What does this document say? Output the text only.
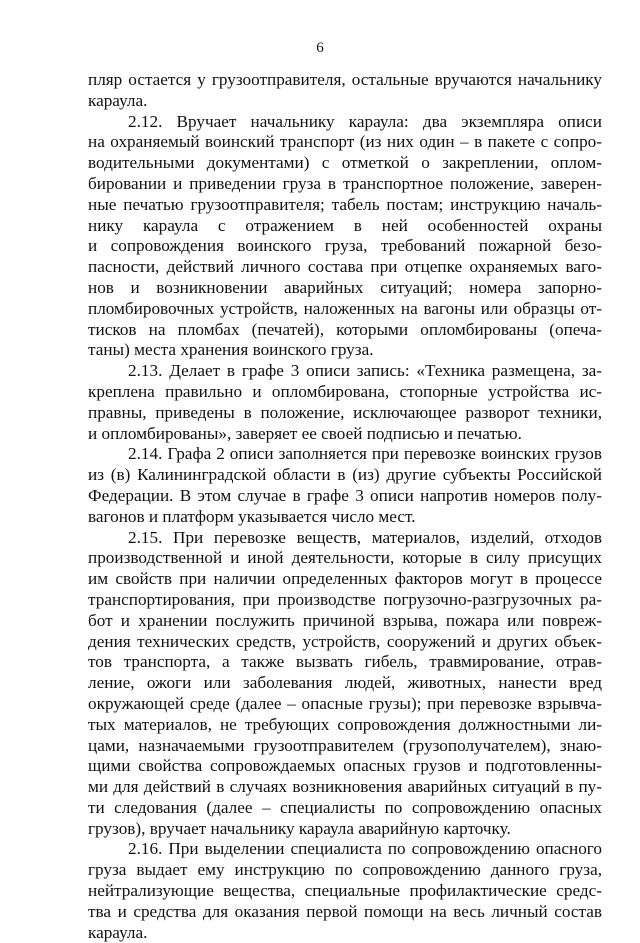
6
пляр остается у грузоотправителя, остальные вручаются начальнику
караула.
2.12. Вручает начальнику караула: два экземпляра описи
на охраняемый воинский транспорт (из них один – в пакете с сопро-
водительными документами) с отметкой о закреплении, оплом-
бировании и приведении груза в транспортное положение, заверен-
ные печатью грузоотправителя; табель постам; инструкцию началь-
нику караула с отражением в ней особенностей охраны
и сопровождения воинского груза, требований пожарной безо-
пасности, действий личного состава при отцепке охраняемых ваго-
нов и возникновении аварийных ситуаций; номера запорно-
пломбировочных устройств, наложенных на вагоны или образцы от-
тисков на пломбах (печатей), которыми опломбированы (опеча-
таны) места хранения воинского груза.
2.13. Делает в графе 3 описи запись: «Техника размещена, за-
креплена правильно и опломбирована, стопорные устройства ис-
правны, приведены в положение, исключающее разворот техники,
и опломбированы», заверяет ее своей подписью и печатью.
2.14. Графа 2 описи заполняется при перевозке воинских грузов
из (в) Калининградской области в (из) другие субъекты Российской
Федерации. В этом случае в графе 3 описи напротив номеров полу-
вагонов и платформ указывается число мест.
2.15. При перевозке веществ, материалов, изделий, отходов
производственной и иной деятельности, которые в силу присущих
им свойств при наличии определенных факторов могут в процессе
транспортирования, при производстве погрузочно-разгрузочных ра-
бот и хранении послужить причиной взрыва, пожара или повреж-
дения технических средств, устройств, сооружений и других объек-
тов транспорта, а также вызвать гибель, травмирование, отрав-
ление, ожоги или заболевания людей, животных, нанести вред
окружающей среде (далее – опасные грузы); при перевозке взрывча-
тых материалов, не требующих сопровождения должностными ли-
цами, назначаемыми грузоотправителем (грузополучателем), знаю-
щими свойства сопровождаемых опасных грузов и подготовленны-
ми для действий в случаях возникновения аварийных ситуаций в пу-
ти следования (далее – специалисты по сопровождению опасных
грузов), вручает начальнику караула аварийную карточку.
2.16. При выделении специалиста по сопровождению опасного
груза выдает ему инструкцию по сопровождению данного груза,
нейтрализующие вещества, специальные профилактические средс-
тва и средства для оказания первой помощи на весь личный состав
караула.
